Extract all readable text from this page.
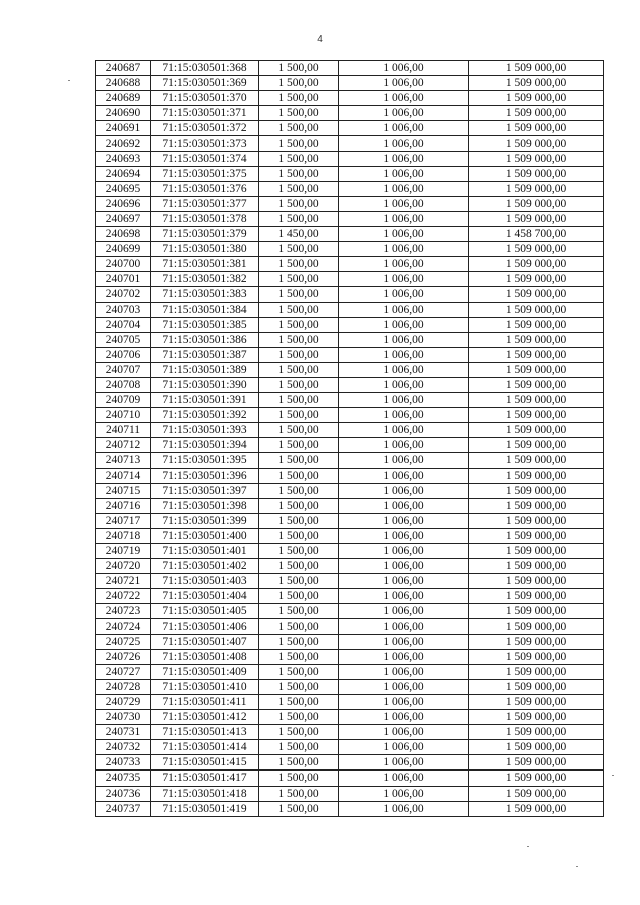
4
240687	71:15:030501:368	1 500,00	1 006,00	1 509 000,00
240688	71:15:030501:369	1 500,00	1 006,00	1 509 000,00
240689	71:15:030501:370	1 500,00	1 006,00	1 509 000,00
240690	71:15:030501:371	1 500,00	1 006,00	1 509 000,00
240691	71:15:030501:372	1 500,00	1 006,00	1 509 000,00
240692	71:15:030501:373	1 500,00	1 006,00	1 509 000,00
240693	71:15:030501:374	1 500,00	1 006,00	1 509 000,00
240694	71:15:030501:375	1 500,00	1 006,00	1 509 000,00
240695	71:15:030501:376	1 500,00	1 006,00	1 509 000,00
240696	71:15:030501:377	1 500,00	1 006,00	1 509 000,00
240697	71:15:030501:378	1 500,00	1 006,00	1 509 000,00
240698	71:15:030501:379	1 450,00	1 006,00	1 458 700,00
240699	71:15:030501:380	1 500,00	1 006,00	1 509 000,00
240700	71:15:030501:381	1 500,00	1 006,00	1 509 000,00
240701	71:15:030501:382	1 500,00	1 006,00	1 509 000,00
240702	71:15:030501:383	1 500,00	1 006,00	1 509 000,00
240703	71:15:030501:384	1 500,00	1 006,00	1 509 000,00
240704	71:15:030501:385	1 500,00	1 006,00	1 509 000,00
240705	71:15:030501:386	1 500,00	1 006,00	1 509 000,00
240706	71:15:030501:387	1 500,00	1 006,00	1 509 000,00
240707	71:15:030501:389	1 500,00	1 006,00	1 509 000,00
240708	71:15:030501:390	1 500,00	1 006,00	1 509 000,00
240709	71:15:030501:391	1 500,00	1 006,00	1 509 000,00
240710	71:15:030501:392	1 500,00	1 006,00	1 509 000,00
240711	71:15:030501:393	1 500,00	1 006,00	1 509 000,00
240712	71:15:030501:394	1 500,00	1 006,00	1 509 000,00
240713	71:15:030501:395	1 500,00	1 006,00	1 509 000,00
240714	71:15:030501:396	1 500,00	1 006,00	1 509 000,00
240715	71:15:030501:397	1 500,00	1 006,00	1 509 000,00
240716	71:15:030501:398	1 500,00	1 006,00	1 509 000,00
240717	71:15:030501:399	1 500,00	1 006,00	1 509 000,00
240718	71:15:030501:400	1 500,00	1 006,00	1 509 000,00
240719	71:15:030501:401	1 500,00	1 006,00	1 509 000,00
240720	71:15:030501:402	1 500,00	1 006,00	1 509 000,00
240721	71:15:030501:403	1 500,00	1 006,00	1 509 000,00
240722	71:15:030501:404	1 500,00	1 006,00	1 509 000,00
240723	71:15:030501:405	1 500,00	1 006,00	1 509 000,00
240724	71:15:030501:406	1 500,00	1 006,00	1 509 000,00
240725	71:15:030501:407	1 500,00	1 006,00	1 509 000,00
240726	71:15:030501:408	1 500,00	1 006,00	1 509 000,00
240727	71:15:030501:409	1 500,00	1 006,00	1 509 000,00
240728	71:15:030501:410	1 500,00	1 006,00	1 509 000,00
240729	71:15:030501:411	1 500,00	1 006,00	1 509 000,00
240730	71:15:030501:412	1 500,00	1 006,00	1 509 000,00
240731	71:15:030501:413	1 500,00	1 006,00	1 509 000,00
240732	71:15:030501:414	1 500,00	1 006,00	1 509 000,00
240733	71:15:030501:415	1 500,00	1 006,00	1 509 000,00
240735	71:15:030501:417	1 500,00	1 006,00	1 509 000,00
240736	71:15:030501:418	1 500,00	1 006,00	1 509 000,00
240737	71:15:030501:419	1 500,00	1 006,00	1 509 000,00
